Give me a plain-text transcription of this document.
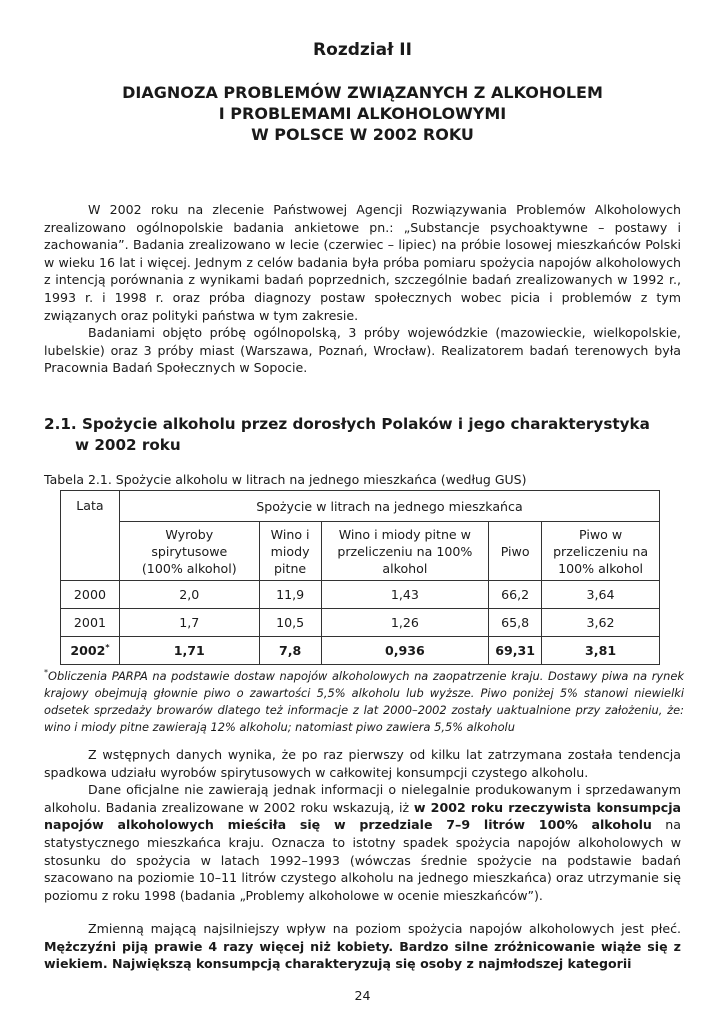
Rozdział II
DIAGNOZA PROBLEMÓW ZWIĄZANYCH Z ALKOHOLEM
I PROBLEMAMI ALKOHOLOWYMI
W POLSCE W 2002 ROKU

W 2002 roku na zlecenie Państwowej Agencji Rozwiązywania Problemów Alkoholowych zrealizowano ogólnopolskie badania ankietowe pn.: „Substancje psychoaktywne – postawy i zachowania”. Badania zrealizowano w lecie (czerwiec – lipiec) na próbie losowej mieszkańców Polski w wieku 16 lat i więcej. Jednym z celów badania była próba pomiaru spożycia napojów alkoholowych z intencją porównania z wynikami badań poprzednich, szczególnie badań zrealizowanych w 1992 r., 1993 r. i 1998 r. oraz próba diagnozy postaw społecznych wobec picia i problemów z tym związanych oraz polityki państwa w tym zakresie.

Badaniami objęto próbę ogólnopolską, 3 próby wojewódzkie (mazowieckie, wielkopolskie, lubelskie) oraz 3 próby miast (Warszawa, Poznań, Wrocław). Realizatorem badań terenowych była Pracownia Badań Społecznych w Sopocie.

2.1. Spożycie alkoholu przez dorosłych Polaków i jego charakterystyka
w 2002 roku
Tabela 2.1. Spożycie alkoholu w litrach na jednego mieszkańca (według GUS)
Lata	Spożycie w litrach na jednego mieszkańca				
	Wyroby
spirytusowe
(100% alkohol)	Wino i
miody
pitne	Wino i miody pitne w
przeliczeniu na 100%
alkohol	Piwo	Piwo w
przeliczeniu na
100% alkohol
2000	2,0	11,9	1,43	66,2	3,64
2001	1,7	10,5	1,26	65,8	3,62
2002*	1,71	7,8	0,936	69,31	3,81

*Obliczenia PARPA na podstawie dostaw napojów alkoholowych na zaopatrzenie kraju. Dostawy piwa na rynek krajowy obejmują głownie piwo o zawartości 5,5% alkoholu lub wyższe. Piwo poniżej 5% stanowi niewielki odsetek sprzedaży browarów dlatego też informacje z lat 2000–2002 zostały uaktualnione przy założeniu, że: wino i miody pitne zawierają 12% alkoholu; natomiast piwo zawiera 5,5% alkoholu

Z wstępnych danych wynika, że po raz pierwszy od kilku lat zatrzymana została tendencja spadkowa udziału wyrobów spirytusowych w całkowitej konsumpcji czystego alkoholu.

Dane oficjalne nie zawierają jednak informacji o nielegalnie produkowanym i sprzedawanym alkoholu. Badania zrealizowane w 2002 roku wskazują, iż w 2002 roku rzeczywista konsumpcja napojów alkoholowych mieściła się w przedziale 7–9 litrów 100% alkoholu na statystycznego mieszkańca kraju. Oznacza to istotny spadek spożycia napojów alkoholowych w stosunku do spożycia w latach 1992–1993 (wówczas średnie spożycie na podstawie badań szacowano na poziomie 10–11 litrów czystego alkoholu na jednego mieszkańca) oraz utrzymanie się poziomu z roku 1998 (badania „Problemy alkoholowe w ocenie mieszkańców”).

Zmienną mającą najsilniejszy wpływ na poziom spożycia napojów alkoholowych jest płeć. Mężczyźni piją prawie 4 razy więcej niż kobiety. Bardzo silne zróżnicowanie wiąże się z wiekiem. Największą konsumpcją charakteryzują się osoby z najmłodszej kategorii

24
